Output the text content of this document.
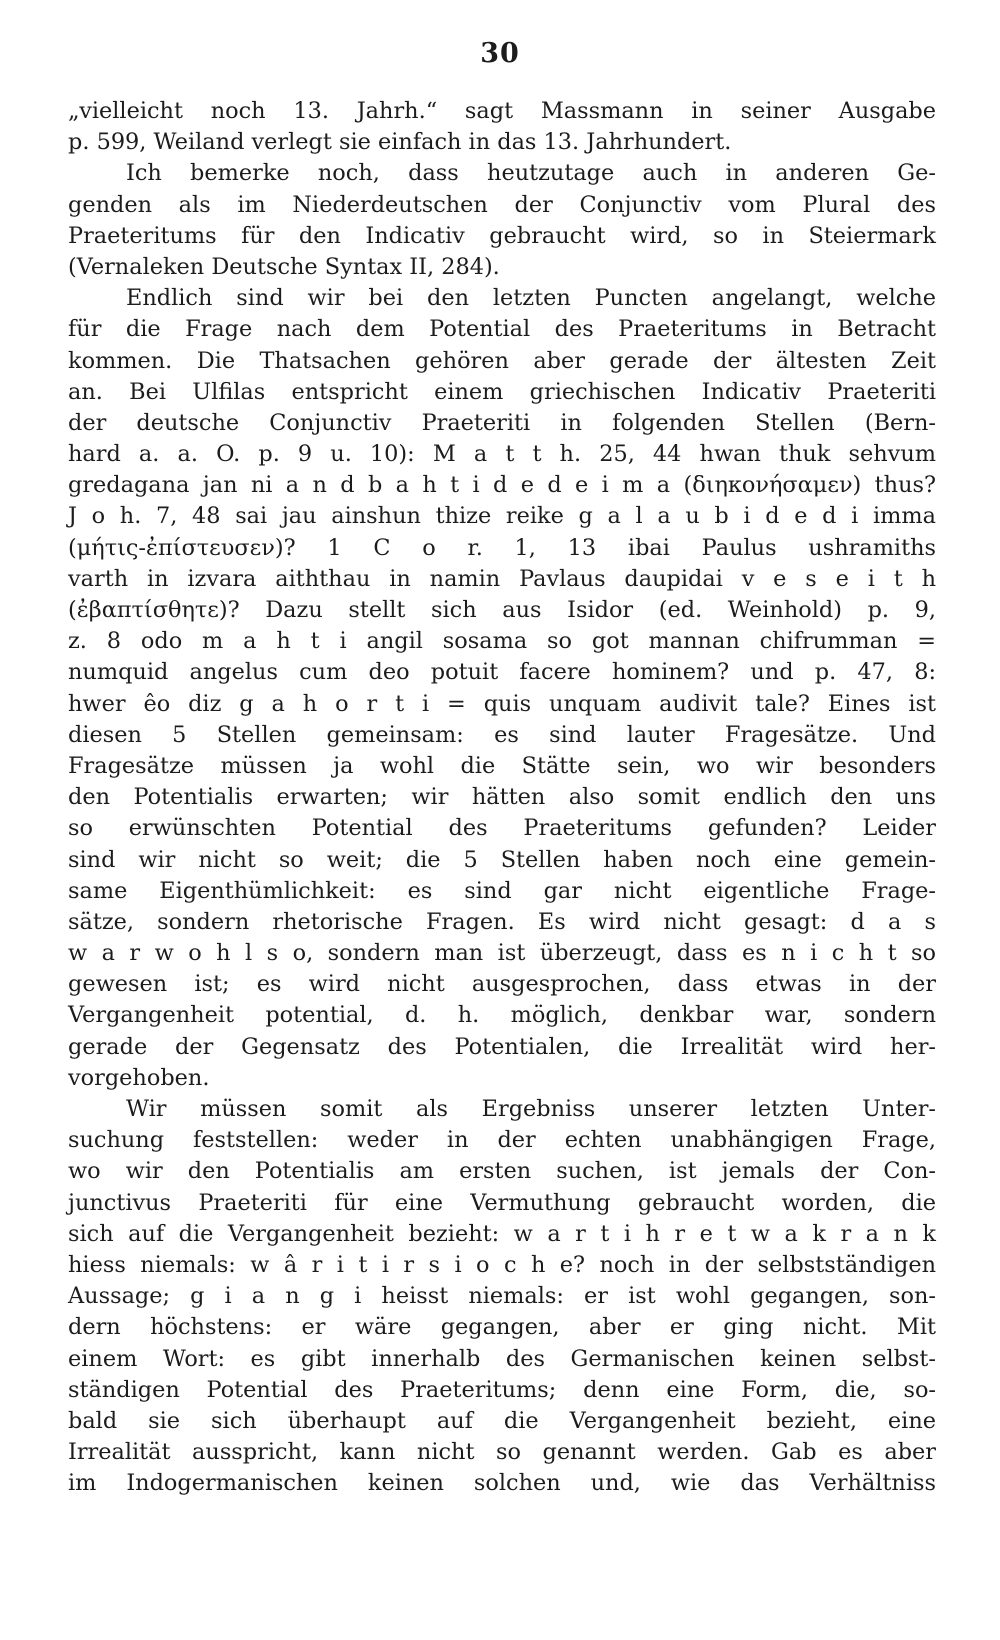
30
„vielleicht noch 13. Jahrh.“ sagt Massmann in seiner Ausgabe
p. 599, Weiland verlegt sie einfach in das 13. Jahrhundert.
Ich bemerke noch, dass heutzutage auch in anderen Ge-
genden als im Niederdeutschen der Conjunctiv vom Plural des
Praeteritums für den Indicativ gebraucht wird, so in Steiermark
(Vernaleken Deutsche Syntax II, 284).
Endlich sind wir bei den letzten Puncten angelangt, welche
für die Frage nach dem Potential des Praeteritums in Betracht
kommen. Die Thatsachen gehören aber gerade der ältesten Zeit
an. Bei Ulfilas entspricht einem griechischen Indicativ Praeteriti
der deutsche Conjunctiv Praeteriti in folgenden Stellen (Bern-
hard a. a. O. p. 9 u. 10): M a t t h. 25, 44 hwan thuk sehvum
gredagana jan ni a n d b a h t i d e d e i m a (διηκονήσαμεν) thus?
J o h. 7, 48 sai jau ainshun thize reike g a l a u b i d e d i imma
(μήτις-ἐπίστευσεν)? 1 C o r. 1, 13 ibai Paulus ushramiths
varth in izvara aiththau in namin Pavlaus daupidai v e s e i t h
(ἐβαπτίσθητε)? Dazu stellt sich aus Isidor (ed. Weinhold) p. 9,
z. 8 odo m a h t i angil sosama so got mannan chifrumman =
numquid angelus cum deo potuit facere hominem? und p. 47, 8:
hwer êo diz g a h o r t i = quis unquam audivit tale? Eines ist
diesen 5 Stellen gemeinsam: es sind lauter Fragesätze. Und
Fragesätze müssen ja wohl die Stätte sein, wo wir besonders
den Potentialis erwarten; wir hätten also somit endlich den uns
so erwünschten Potential des Praeteritums gefunden? Leider
sind wir nicht so weit; die 5 Stellen haben noch eine gemein-
same Eigenthümlichkeit: es sind gar nicht eigentliche Frage-
sätze, sondern rhetorische Fragen. Es wird nicht gesagt: d a s
w a r w o h l s o, sondern man ist überzeugt, dass es n i c h t so
gewesen ist; es wird nicht ausgesprochen, dass etwas in der
Vergangenheit potential, d. h. möglich, denkbar war, sondern
gerade der Gegensatz des Potentialen, die Irrealität wird her-
vorgehoben.
Wir müssen somit als Ergebniss unserer letzten Unter-
suchung feststellen: weder in der echten unabhängigen Frage,
wo wir den Potentialis am ersten suchen, ist jemals der Con-
junctivus Praeteriti für eine Vermuthung gebraucht worden, die
sich auf die Vergangenheit bezieht: w a r t i h r e t w a k r a n k
hiess niemals: w â r i t i r s i o c h e? noch in der selbstständigen
Aussage; g i a n g i heisst niemals: er ist wohl gegangen, son-
dern höchstens: er wäre gegangen, aber er ging nicht. Mit
einem Wort: es gibt innerhalb des Germanischen keinen selbst-
ständigen Potential des Praeteritums; denn eine Form, die, so-
bald sie sich überhaupt auf die Vergangenheit bezieht, eine
Irrealität ausspricht, kann nicht so genannt werden. Gab es aber
im Indogermanischen keinen solchen und, wie das Verhältniss
